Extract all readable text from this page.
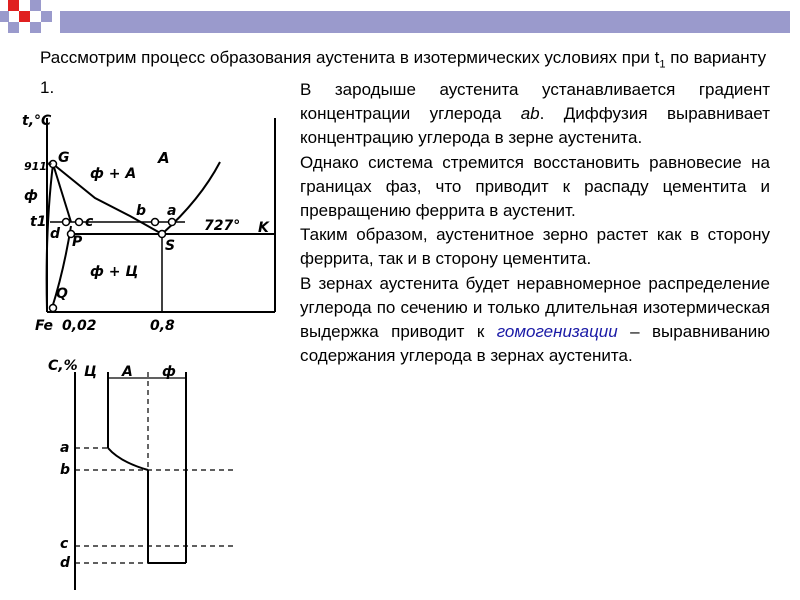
Рассмотрим процесс образования аустенита в изотермических условиях при $t_1$ по варианту 1.	В зародыше аустенита устанавливается градиент концентрации углерода ab. Диффузия выравнивает концентрацию углерода в зерне аустенита.

Однако система стремится восстановить равновесие на границах фаз, что приводит к распаду цементита и превращению феррита в аустенит.

Таким образом, аустенитное зерно растет как в сторону феррита, так и в сторону цементита.

В зернах аустенита будет неравномерное распределение углерода по сечению и только длительная изотермическая выдержка приводит к гомогенизации – выравниванию содержания углерода в зернах аустенита.

t,°C
911°
G
ф
ф + A
A
t1
d
c
b a
P	S
727° K
ф + Ц
Q
Fe 0,02	0,8
C,% Ц A ф
a
b
c
d
